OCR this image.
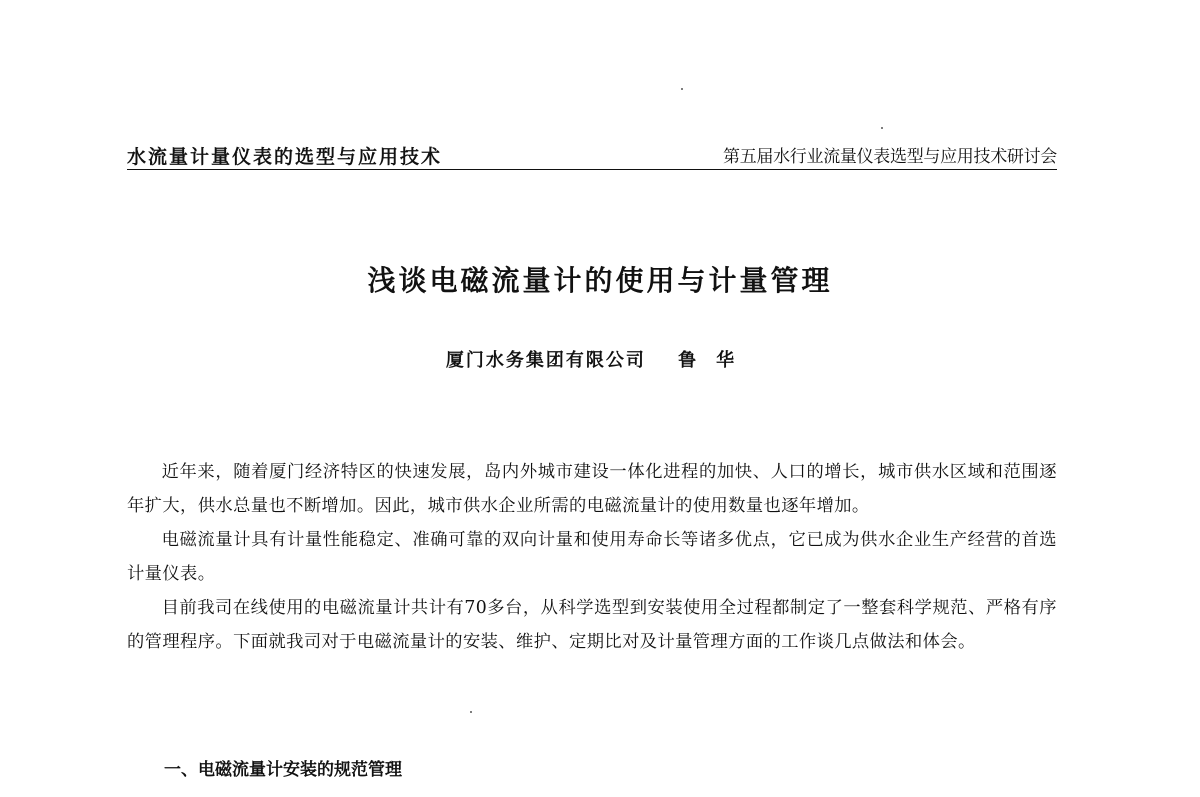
水流量计量仪表的选型与应用技术	第五届水行业流量仪表选型与应用技术研讨会
浅谈电磁流量计的使用与计量管理
厦门水务集团有限公司 鲁华

近年来，随着厦门经济特区的快速发展，岛内外城市建设一体化进程的加快、人口的增长，城市供水区域和范围逐年扩大，供水总量也不断增加。因此，城市供水企业所需的电磁流量计的使用数量也逐年增加。

电磁流量计具有计量性能稳定、准确可靠的双向计量和使用寿命长等诸多优点，它已成为供水企业生产经营的首选计量仪表。

目前我司在线使用的电磁流量计共计有70多台，从科学选型到安装使用全过程都制定了一整套科学规范、严格有序的管理程序。下面就我司对于电磁流量计的安装、维护、定期比对及计量管理方面的工作谈几点做法和体会。

一、电磁流量计安装的规范管理
